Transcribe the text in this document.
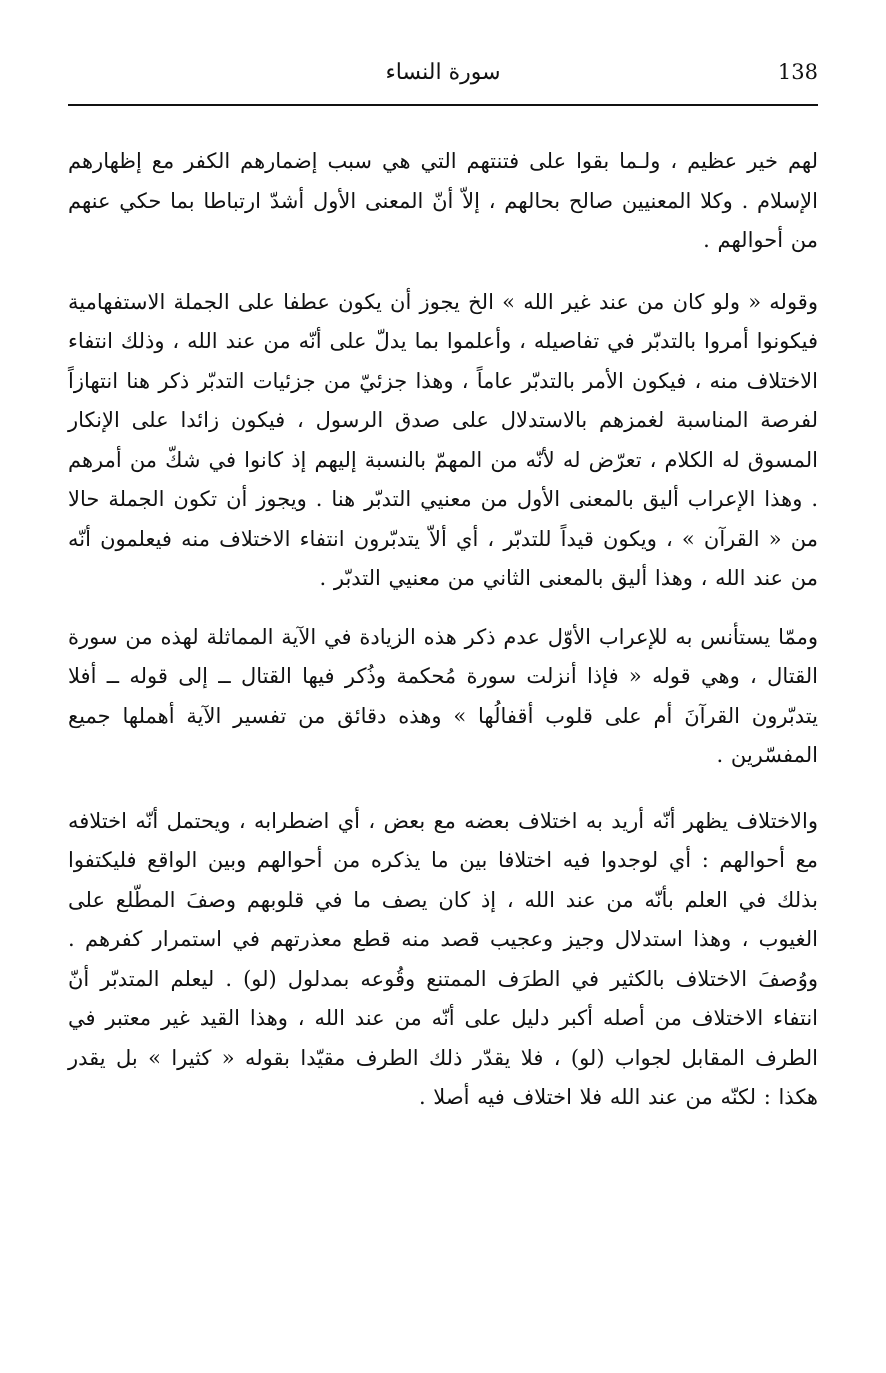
138
سورة النساء

لهم خير عظيم ، ولـما بقوا على فتنتهم التي هي سبب إضمارهم الكفر مع إظهارهم الإسلام . وكلا المعنيين صالح بحالهم ، إلاّ أنّ المعنى الأول أشدّ ارتباطا بما حكي عنهم من أحوالهم .

وقوله « ولو كان من عند غير الله » الخ يجوز أن يكون عطفا على الجملة الاستفهامية فيكونوا أمروا بالتدبّر في تفاصيله ، وأعلموا بما يدلّ على أنّه من عند الله ، وذلك انتفاء الاختلاف منه ، فيكون الأمر بالتدبّر عاماً ، وهذا جزئيّ من جزئيات التدبّر ذكر هنا انتهازاً لفرصة المناسبة لغمزهم بالاستدلال على صدق الرسول ، فيكون زائدا على الإنكار المسوق له الكلام ، تعرّض له لأنّه من المهمّ بالنسبة إليهم إذ كانوا في شكّ من أمرهم . وهذا الإعراب أليق بالمعنى الأول من معنيي التدبّر هنا . ويجوز أن تكون الجملة حالا من « القرآن » ، ويكون قيداً للتدبّر ، أي ألاّ يتدبّرون انتفاء الاختلاف منه فيعلمون أنّه من عند الله ، وهذا أليق بالمعنى الثاني من معنيي التدبّر .

وممّا يستأنس به للإعراب الأوّل عدم ذكر هذه الزيادة في الآية المماثلة لهذه من سورة القتال ، وهي قوله « فإذا أنزلت سورة مُحكمة وذُكر فيها القتال ــ إلى قوله ــ أفلا يتدبّرون القرآنَ أم على قلوب أقفالُها » وهذه دقائق من تفسير الآية أهملها جميع المفسّرين .

والاختلاف يظهر أنّه أريد به اختلاف بعضه مع بعض ، أي اضطرابه ، ويحتمل أنّه اختلافه مع أحوالهم : أي لوجدوا فيه اختلافا بين ما يذكره من أحوالهم وبين الواقع فليكتفوا بذلك في العلم بأنّه من عند الله ، إذ كان يصف ما في قلوبهم وصفَ المطّلع على الغيوب ، وهذا استدلال وجيز وعجيب قصد منه قطع معذرتهم في استمرار كفرهم . ووُصفَ الاختلاف بالكثير في الطرَف الممتنع وقُوعه بمدلول (لو) . ليعلم المتدبّر أنّ انتفاء الاختلاف من أصله أكبر دليل على أنّه من عند الله ، وهذا القيد غير معتبر في الطرف المقابل لجواب (لو) ، فلا يقدّر ذلك الطرف مقيّدا بقوله « كثيرا » بل يقدر هكذا : لكنّه من عند الله فلا اختلاف فيه أصلا .
